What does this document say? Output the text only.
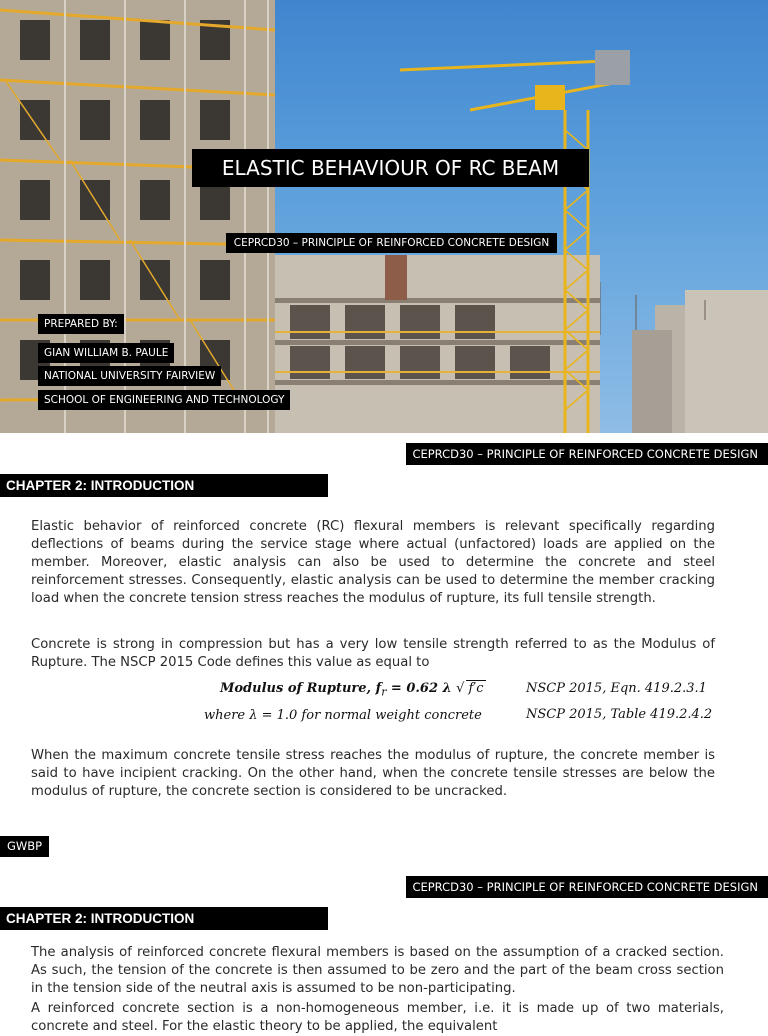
ELASTIC BEHAVIOUR OF RC BEAM
CEPRCD30 – PRINCIPLE OF REINFORCED CONCRETE DESIGN
PREPARED BY:
GIAN WILLIAM B. PAULE
NATIONAL UNIVERSITY FAIRVIEW
SCHOOL OF ENGINEERING AND TECHNOLOGY
CEPRCD30 – PRINCIPLE OF REINFORCED CONCRETE DESIGN
CHAPTER 2: INTRODUCTION

Elastic behavior of reinforced concrete (RC) flexural members is relevant specifically regarding deflections of beams during the service stage where actual (unfactored) loads are applied on the member. Moreover, elastic analysis can also be used to determine the concrete and steel reinforcement stresses. Consequently, elastic analysis can be used to determine the member cracking load when the concrete tension stress reaches the modulus of rupture, its full tensile strength.

Concrete is strong in compression but has a very low tensile strength referred to as the Modulus of Rupture. The NSCP 2015 Code defines this value as equal to

Modulus of Rupture, $f_r = 0.62$ λ √ f′c	NSCP 2015, Eqn. 419.2.3.1
where λ = 1.0 for normal weight concrete	NSCP 2015, Table 419.2.4.2

When the maximum concrete tensile stress reaches the modulus of rupture, the concrete member is said to have incipient cracking. On the other hand, when the concrete tensile stresses are below the modulus of rupture, the concrete section is considered to be uncracked.

GWBP
CEPRCD30 – PRINCIPLE OF REINFORCED CONCRETE DESIGN
CHAPTER 2: INTRODUCTION

The analysis of reinforced concrete flexural members is based on the assumption of a cracked section. As such, the tension of the concrete is then assumed to be zero and the part of the beam cross section in the tension side of the neutral axis is assumed to be non-participating.

A reinforced concrete section is a non-homogeneous member, i.e. it is made up of two materials, concrete and steel. For the elastic theory to be applied, the equivalent
